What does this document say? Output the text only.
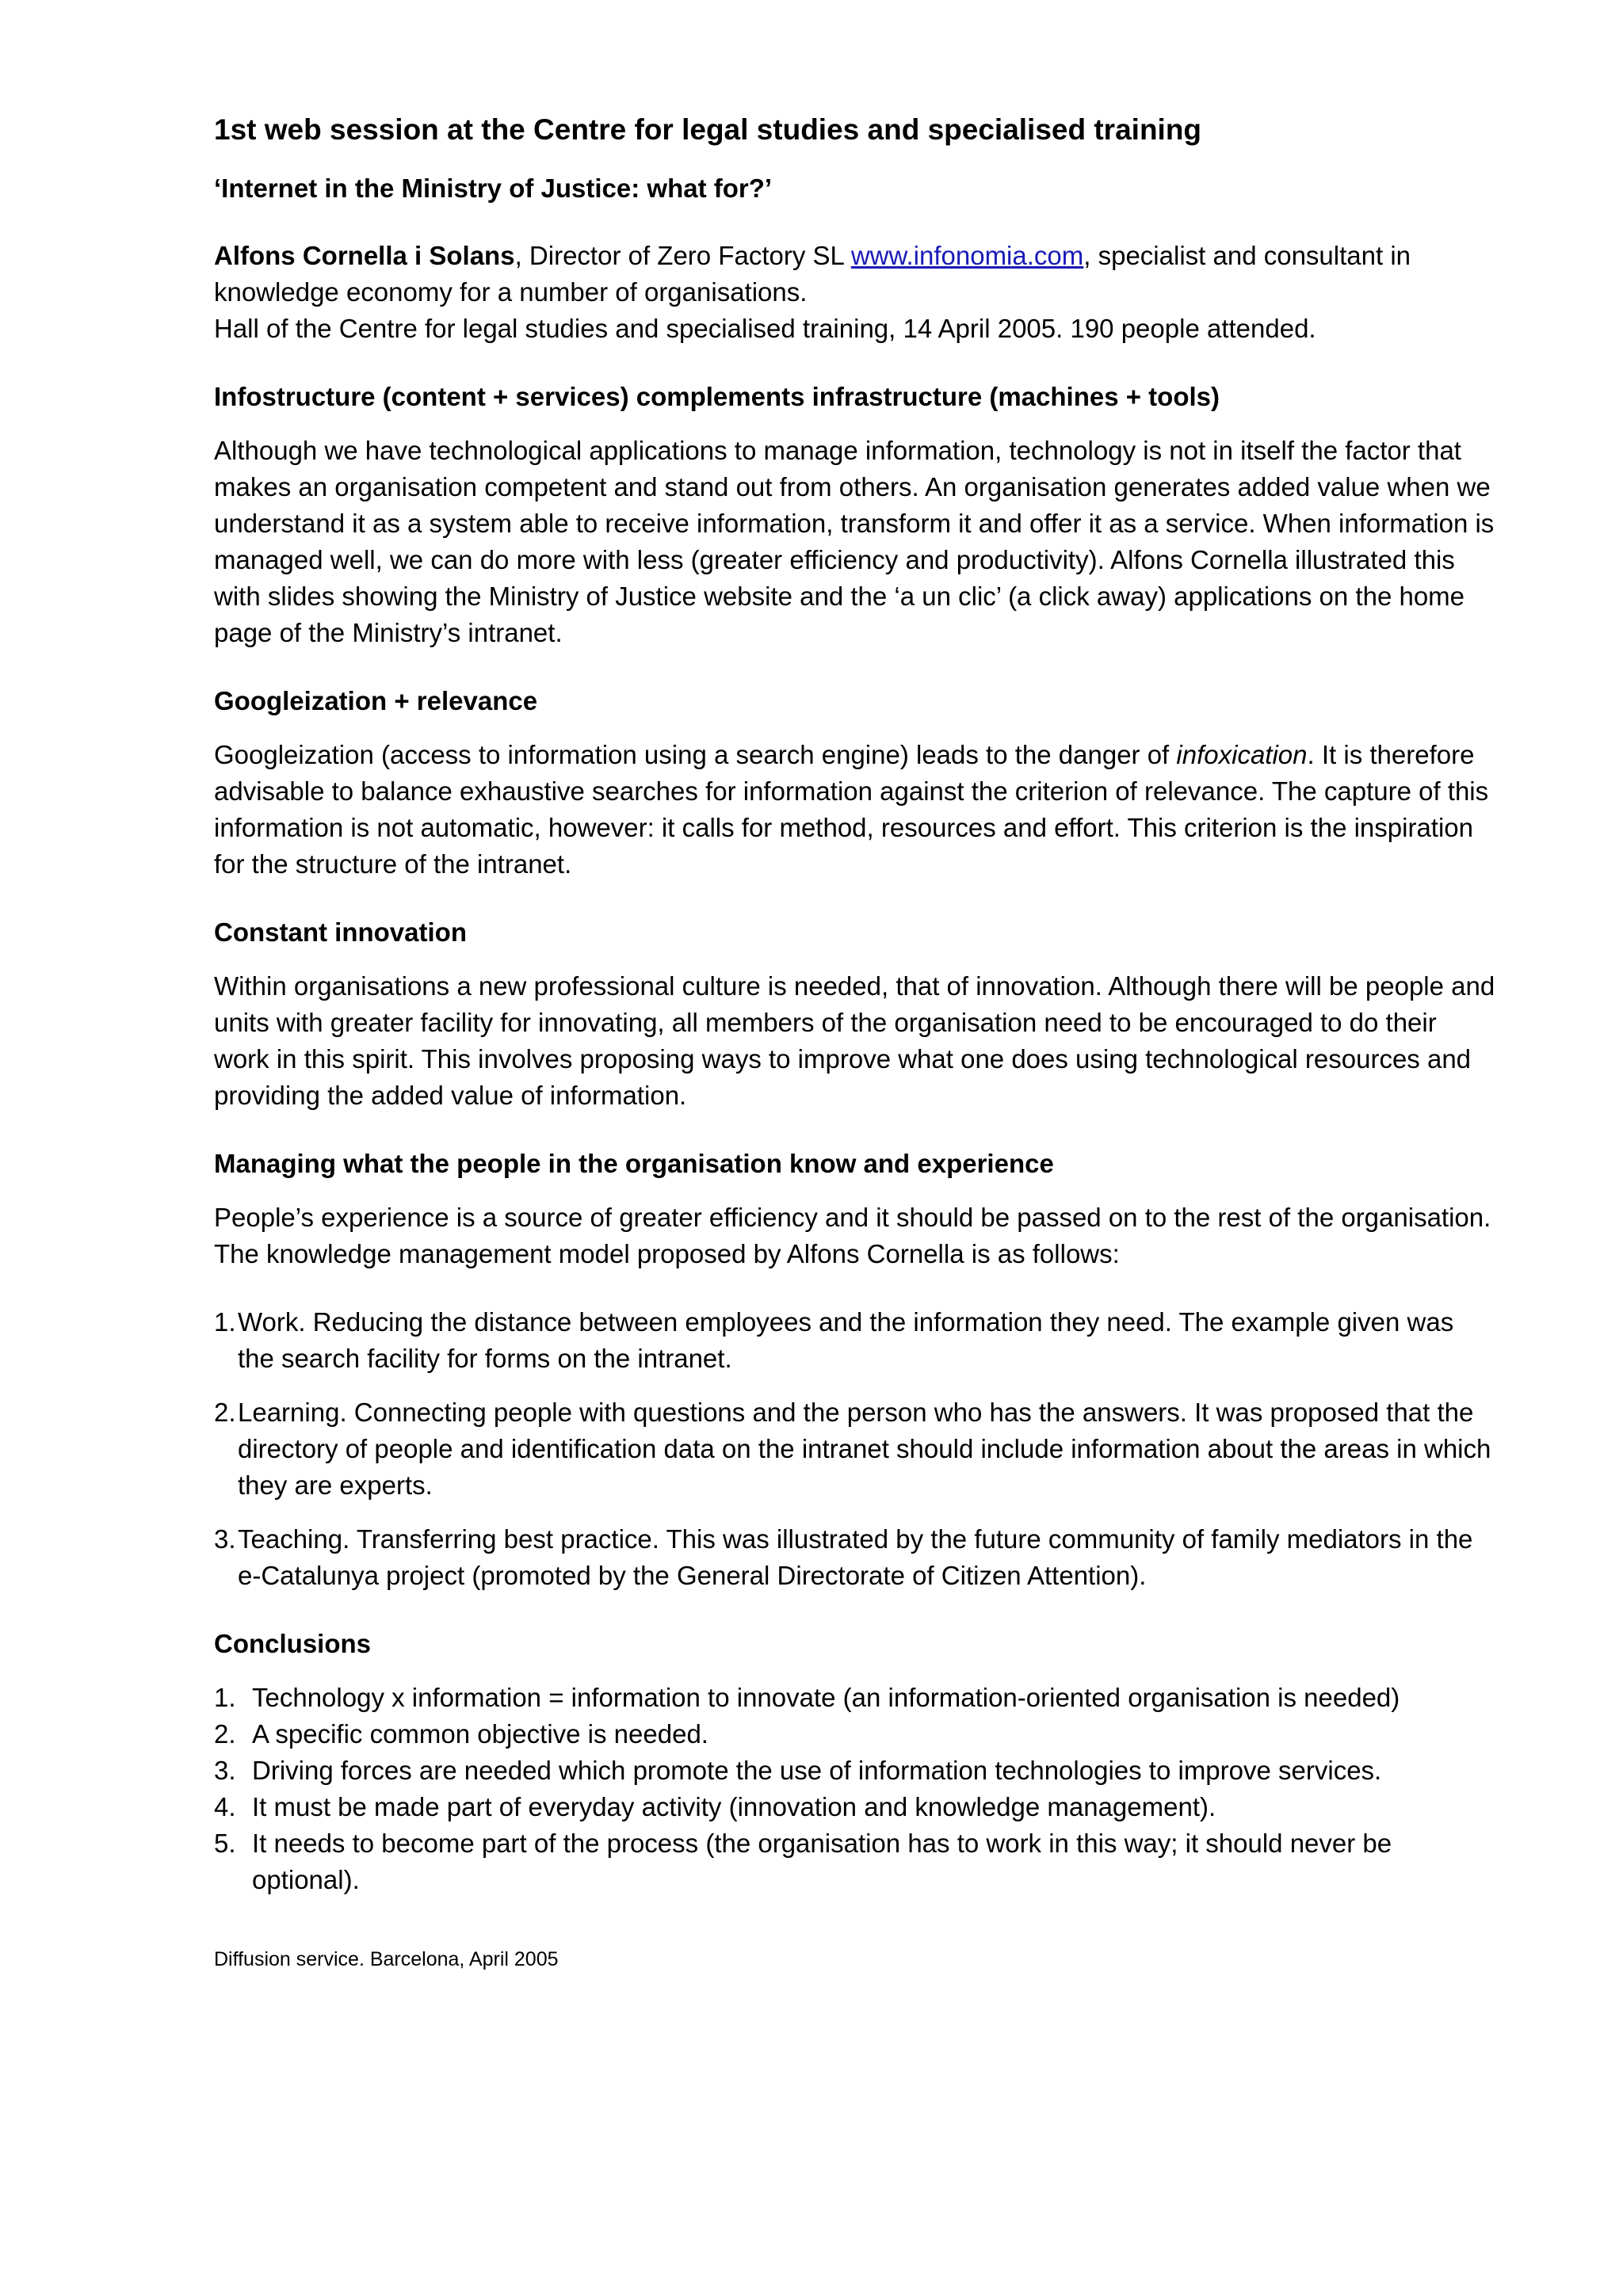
1st web session at the Centre for legal studies and specialised training
‘Internet in the Ministry of Justice: what for?’

Alfons Cornella i Solans, Director of Zero Factory SL www.infonomia.com, specialist and consultant in knowledge economy for a number of organisations.
Hall of the Centre for legal studies and specialised training, 14 April 2005. 190 people attended.

Infostructure (content + services) complements infrastructure (machines + tools)

Although we have technological applications to manage information, technology is not in itself the factor that makes an organisation competent and stand out from others. An organisation generates added value when we understand it as a system able to receive information, transform it and offer it as a service. When information is managed well, we can do more with less (greater efficiency and productivity). Alfons Cornella illustrated this with slides showing the Ministry of Justice website and the ‘a un clic’ (a click away) applications on the home page of the Ministry’s intranet.

Googleization + relevance

Googleization (access to information using a search engine) leads to the danger of infoxication. It is therefore advisable to balance exhaustive searches for information against the criterion of relevance. The capture of this information is not automatic, however: it calls for method, resources and effort. This criterion is the inspiration for the structure of the intranet.

Constant innovation

Within organisations a new professional culture is needed, that of innovation. Although there will be people and units with greater facility for innovating, all members of the organisation need to be encouraged to do their work in this spirit. This involves proposing ways to improve what one does using technological resources and providing the added value of information.

Managing what the people in the organisation know and experience

People’s experience is a source of greater efficiency and it should be passed on to the rest of the organisation. The knowledge management model proposed by Alfons Cornella is as follows:

1. Work. Reducing the distance between employees and the information they need. The example given was the search facility for forms on the intranet.
2. Learning. Connecting people with questions and the person who has the answers. It was proposed that the directory of people and identification data on the intranet should include information about the areas in which they are experts.
3. Teaching. Transferring best practice. This was illustrated by the future community of family mediators in the e-Catalunya project (promoted by the General Directorate of Citizen Attention).
Conclusions
1. Technology x information = information to innovate (an information-oriented organisation is needed)
2. A specific common objective is needed.
3. Driving forces are needed which promote the use of information technologies to improve services.
4. It must be made part of everyday activity (innovation and knowledge management).
5. It needs to become part of the process (the organisation has to work in this way; it should never be optional).

Diffusion service. Barcelona, April 2005
